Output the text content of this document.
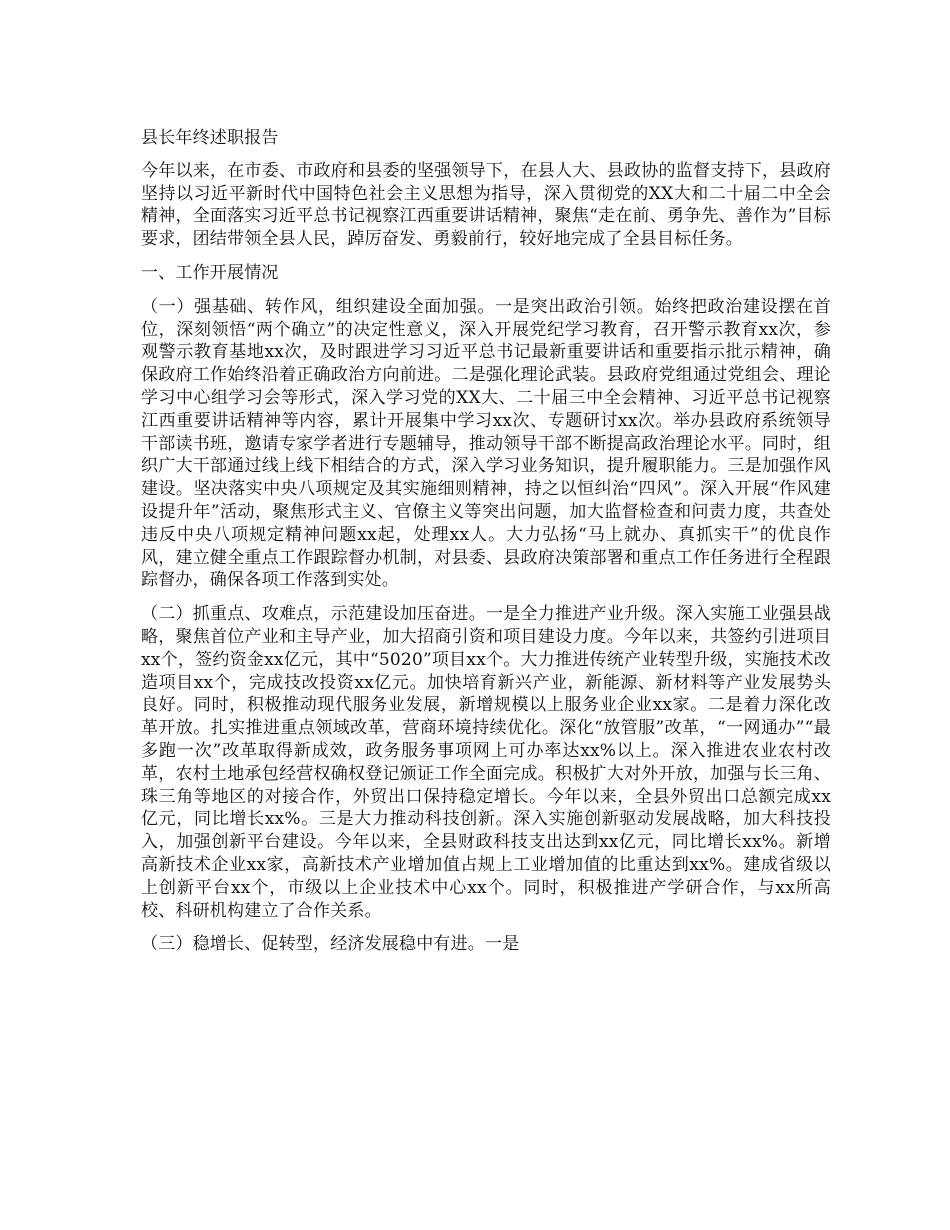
县长年终述职报告

今年以来，在市委、市政府和县委的坚强领导下，在县人大、县政协的监督支持下，县政府坚持以习近平新时代中国特色社会主义思想为指导，深入贯彻党的XX大和二十届二中全会精神，全面落实习近平总书记视察江西重要讲话精神，聚焦“走在前、勇争先、善作为”目标要求，团结带领全县人民，踔厉奋发、勇毅前行，较好地完成了全县目标任务。

一、工作开展情况

（一）强基础、转作风，组织建设全面加强。一是突出政治引领。始终把政治建设摆在首位，深刻领悟“两个确立”的决定性意义，深入开展党纪学习教育，召开警示教育xx次，参观警示教育基地xx次，及时跟进学习习近平总书记最新重要讲话和重要指示批示精神，确保政府工作始终沿着正确政治方向前进。二是强化理论武装。县政府党组通过党组会、理论学习中心组学习会等形式，深入学习党的XX大、二十届三中全会精神、习近平总书记视察江西重要讲话精神等内容，累计开展集中学习xx次、专题研讨xx次。举办县政府系统领导干部读书班，邀请专家学者进行专题辅导，推动领导干部不断提高政治理论水平。同时，组织广大干部通过线上线下相结合的方式，深入学习业务知识，提升履职能力。三是加强作风建设。坚决落实中央八项规定及其实施细则精神，持之以恒纠治“四风”。深入开展“作风建设提升年”活动，聚焦形式主义、官僚主义等突出问题，加大监督检查和问责力度，共查处违反中央八项规定精神问题xx起，处理xx人。大力弘扬“马上就办、真抓实干”的优良作风，建立健全重点工作跟踪督办机制，对县委、县政府决策部署和重点工作任务进行全程跟踪督办，确保各项工作落到实处。

（二）抓重点、攻难点，示范建设加压奋进。一是全力推进产业升级。深入实施工业强县战略，聚焦首位产业和主导产业，加大招商引资和项目建设力度。今年以来，共签约引进项目xx个，签约资金xx亿元，其中“5020”项目xx个。大力推进传统产业转型升级，实施技术改造项目xx个，完成技改投资xx亿元。加快培育新兴产业，新能源、新材料等产业发展势头良好。同时，积极推动现代服务业发展，新增规模以上服务业企业xx家。二是着力深化改革开放。扎实推进重点领域改革，营商环境持续优化。深化“放管服”改革，“一网通办”“最多跑一次”改革取得新成效，政务服务事项网上可办率达xx%以上。深入推进农业农村改革，农村土地承包经营权确权登记颁证工作全面完成。积极扩大对外开放，加强与长三角、珠三角等地区的对接合作，外贸出口保持稳定增长。今年以来，全县外贸出口总额完成xx亿元，同比增长xx%。三是大力推动科技创新。深入实施创新驱动发展战略，加大科技投入，加强创新平台建设。今年以来，全县财政科技支出达到xx亿元，同比增长xx%。新增高新技术企业xx家，高新技术产业增加值占规上工业增加值的比重达到xx%。建成省级以上创新平台xx个，市级以上企业技术中心xx个。同时，积极推进产学研合作，与xx所高校、科研机构建立了合作关系。

（三）稳增长、促转型，经济发展稳中有进。一是
